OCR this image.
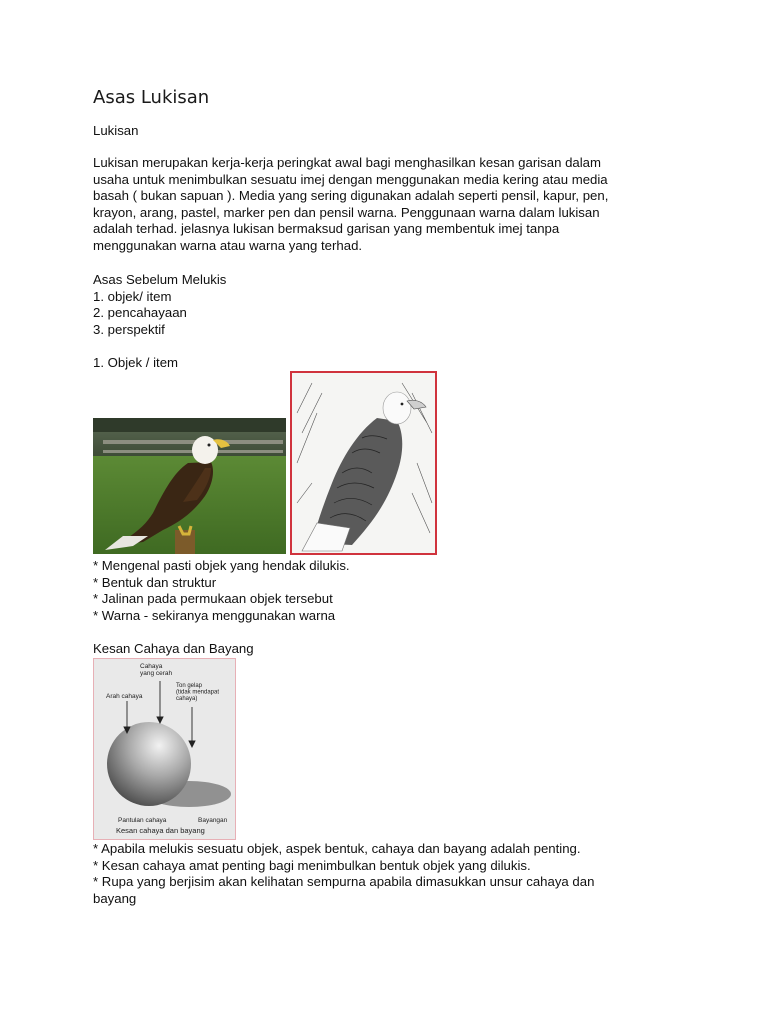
Asas Lukisan
Lukisan
Lukisan merupakan kerja-kerja peringkat awal bagi menghasilkan kesan garisan dalam
usaha untuk menimbulkan sesuatu imej dengan menggunakan media kering atau media
basah ( bukan sapuan ). Media yang sering digunakan adalah seperti pensil, kapur, pen,
krayon, arang, pastel, marker pen dan pensil warna. Penggunaan warna dalam lukisan
adalah terhad. jelasnya lukisan bermaksud garisan yang membentuk imej tanpa
menggunakan warna atau warna yang terhad.
Asas Sebelum Melukis
1. objek/ item
2. pencahayaan
3. perspektif
1. Objek / item
* Mengenal pasti objek yang hendak dilukis.
* Bentuk dan struktur
* Jalinan pada permukaan objek tersebut
* Warna - sekiranya menggunakan warna
Kesan Cahaya dan Bayang
Cahaya yang cerah
Ton gelap (tidak mendapat cahaya)
Arah cahaya
Pantulan cahaya	Bayangan
Kesan cahaya dan bayang
* Apabila melukis sesuatu objek, aspek bentuk, cahaya dan bayang adalah penting.
* Kesan cahaya amat penting bagi menimbulkan bentuk objek yang dilukis.
* Rupa yang berjisim akan kelihatan sempurna apabila dimasukkan unsur cahaya dan
bayang
